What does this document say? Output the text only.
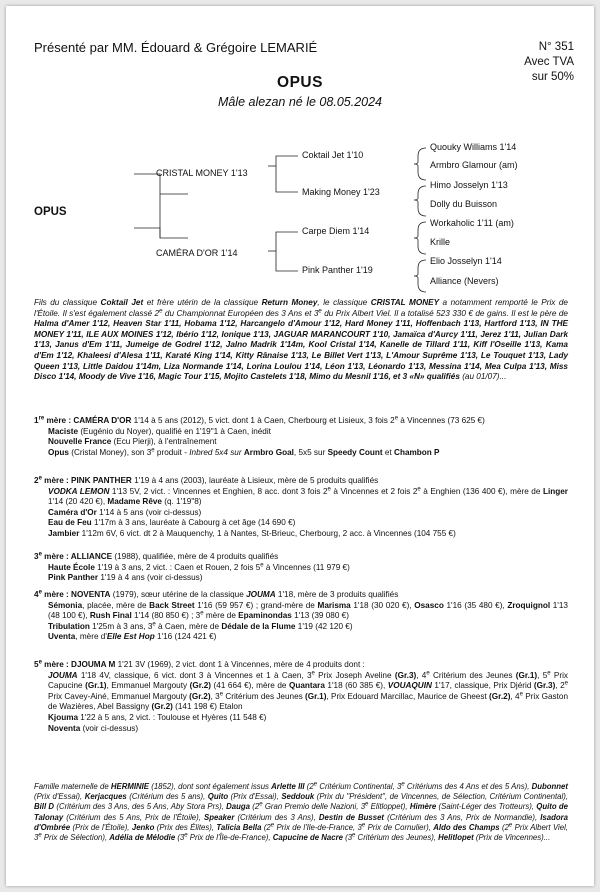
Présenté par MM. Édouard & Grégoire LEMARIÉ	N° 351
Avec TVA
sur 50%
OPUS
Mâle alezan né le 08.05.2024
OPUS
CRISTAL MONEY 1'13
CAMÉRA D'OR 1'14
Coktail Jet 1'10
Making Money 1'23
Carpe Diem 1'14
Pink Panther 1'19
Quouky Williams 1'14
Armbro Glamour (am)
Himo Josselyn 1'13
Dolly du Buisson
Workaholic 1'11 (am)
Krille
Elio Josselyn 1'14
Alliance (Nevers)
Fils du classique Coktail Jet et frère utérin de la classique Return Money, le classique CRISTAL MONEY a notamment remporté le Prix de l'Étoile. Il s'est également classé 2e du Championnat Européen des 3 Ans et 3e du Prix Albert Viel. Il a totalisé 523 330 € de gains. Il est le père de Halma d'Amer 1'12, Heaven Star 1'11, Hobama 1'12, Harcangelo d'Amour 1'12, Hard Money 1'11, Hoffenbach 1'13, Hartford 1'13, IN THE MONEY 1'11, ILE AUX MOINES 1'12, Ibério 1'12, Ionique 1'13, JAGUAR MARANCOURT 1'10, Jamaïca d'Aurcy 1'11, Jerez 1'11, Julian Dark 1'13, Janus d'Em 1'11, Jumeige de Godrel 1'12, Jalno Madrik 1'14m, Kool Cristal 1'14, Kanelle de Tillard 1'11, Kiff l'Oseille 1'13, Kama d'Em 1'12, Khaleesi d'Alesa 1'11, Karaté King 1'14, Kitty Rânaise 1'13, Le Billet Vert 1'13, L'Amour Suprême 1'13, Le Touquet 1'13, Lady Queen 1'13, Little Daidou 1'14m, Liza Normande 1'14, Lorina Loulou 1'14, Léon 1'13, Léonardo 1'13, Messina 1'14, Mea Culpa 1'13, Miss Disco 1'14, Moody de Vive 1'16, Magic Tour 1'15, Mojito Castelets 1'18, Mimo du Mesnil 1'16, et 3 «N» qualifiés (au 01/07)...

1re mère : CAMÉRA D'OR 1'14 à 5 ans (2012), 5 vict. dont 1 à Caen, Cherbourg et Lisieux, 3 fois 2e à Vincennes (73 625 €)

Maciste (Eugénio du Noyer), qualifié en 1'19"1 à Caen, inédit

Nouvelle France (Ecu Pierji), à l'entraînement

Opus (Cristal Money), son 3e produit - Inbred 5x4 sur Armbro Goal, 5x5 sur Speedy Count et Chambon P

2e mère : PINK PANTHER 1'19 à 4 ans (2003), lauréate à Lisieux, mère de 5 produits qualifiés

VODKA LEMON 1'13 5V, 2 vict. : Vincennes et Enghien, 8 acc. dont 3 fois 2e à Vincennes et 2 fois 2e à Enghien (136 400 €), mère de Linger 1'14 (20 420 €), Madame Rêve (q. 1'19"8)

Caméra d'Or 1'14 à 5 ans (voir ci-dessus)

Eau de Feu 1'17m à 3 ans, lauréate à Cabourg à cet âge (14 690 €)

Jambier 1'12m 6V, 6 vict. dt 2 à Mauquenchy, 1 à Nantes, St-Brieuc, Cherbourg, 2 acc. à Vincennes (104 755 €)

3e mère : ALLIANCE (1988), qualifiée, mère de 4 produits qualifiés

Haute École 1'19 à 3 ans, 2 vict. : Caen et Rouen, 2 fois 5e à Vincennes (11 979 €)

Pink Panther 1'19 à 4 ans (voir ci-dessus)

4e mère : NOVENTA (1979), sœur utérine de la classique JOUMA 1'18, mère de 3 produits qualifiés

Sémonia, placée, mère de Back Street 1'16 (59 957 €) ; grand-mère de Marisma 1'18 (30 020 €), Osasco 1'16 (35 480 €), Zroquignol 1'13 (48 100 €), Rush Final 1'14 (80 850 €) ; 3e mère de Epaminondas 1'13 (39 080 €)

Tribulation 1'25m à 3 ans, 3e à Caen, mère de Dédale de la Flume 1'19 (42 120 €)

Uventa, mère d'Elle Est Hop 1'16 (124 421 €)

5e mère : DJOUMA M 1'21 3V (1969), 2 vict. dont 1 à Vincennes, mère de 4 produits dont :

JOUMA 1'18 4V, classique, 6 vict. dont 3 à Vincennes et 1 à Caen, 3e Prix Joseph Aveline (Gr.3), 4e Critérium des Jeunes (Gr.1), 5e Prix Capucine (Gr.1), Emmanuel Margouty (Gr.2) (41 664 €), mère de Quantara 1'18 (60 385 €), VOUAQUIN 1'17, classique, Prix Djérid (Gr.3), 2e Prix Cavey-Ainé, Emmanuel Margouty (Gr.2), 3e Critérium des Jeunes (Gr.1), Prix Edouard Marcillac, Maurice de Gheest (Gr.2), 4e Prix Gaston de Wazières, Abel Bassigny (Gr.2) (141 198 €) Etalon

Kjouma 1'22 à 5 ans, 2 vict. : Toulouse et Hyères (11 548 €)

Noventa (voir ci-dessus)

Famille maternelle de HERMINIE (1852), dont sont également issus Arlette III (2e Critérium Continental, 3e Critériums des 4 Ans et des 5 Ans), Dubonnet (Prix d'Essai), Kerjacques (Critérium des 5 ans), Quito (Prix d'Essai), Seddouk (Prix du "Président", de Vincennes, de Sélection, Critérium Continental), Bill D (Critérium des 3 Ans, des 5 Ans, Aby Stora Prs), Dauga (2e Gran Premio delle Nazioni, 3e Elitloppet), Himère (Saint-Léger des Trotteurs), Quito de Talonay (Critérium des 5 Ans, Prix de l'Étoile), Speaker (Critérium des 3 Ans), Destin de Busset (Critérium des 3 Ans, Prix de Normandie), Isadora d'Ombrée (Prix de l'Étoile), Jenko (Prix des Élites), Talicia Bella (2e Prix de l'Ile-de-France, 3e Prix de Cornulier), Aldo des Champs (2e Prix Albert Viel, 3e Prix de Sélection), Adélia de Mélodie (3e Prix de l'Île-de-France), Capucine de Nacre (3e Critérium des Jeunes), Helitlopet (Prix de Vincennes)...
